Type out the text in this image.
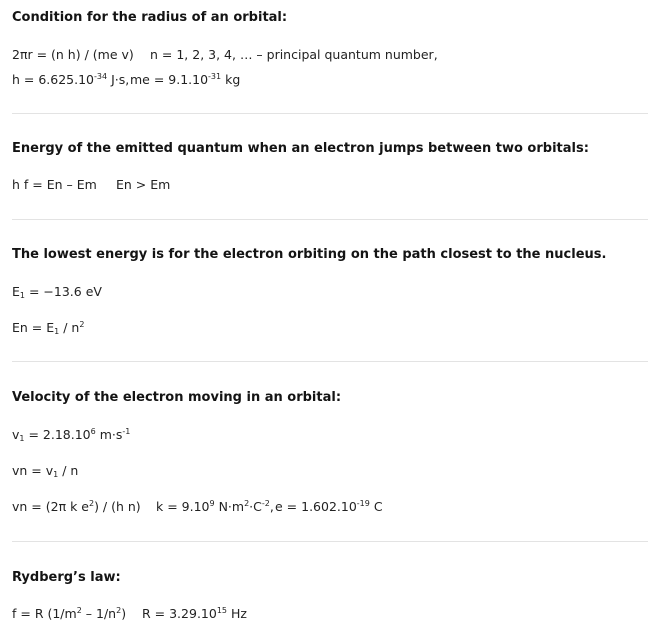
Condition for the radius of an orbital:
2πr = (n h) / (me v) n = 1, 2, 3, 4, … – principal quantum number,
$h = 6.625.10^{-34}$ J·s, me = $9.1.10^{-31}$ kg
Energy of the emitted quantum when an electron jumps between two orbitals:
h f = En – Em En > Em
The lowest energy is for the electron orbiting on the path closest to the nucleus.
$E_1 = -13.6$ eV
$En = E_1 / n^2$
Velocity of the electron moving in an orbital:
$v_1 = 2.18.10^6$ $m\cdot s^{-1}$
vn = $v_1$ / n
vn = (2π k $e^2) / (h$ n) $k = 9.10^9$ $N\cdot m^2\cdot C^{-2}$, $e = 1.602.10^{-19}$ C
Rydberg’s law:
f = R $(1/m^2 - 1/n^2) R = 3.29.10^{15}$ Hz
